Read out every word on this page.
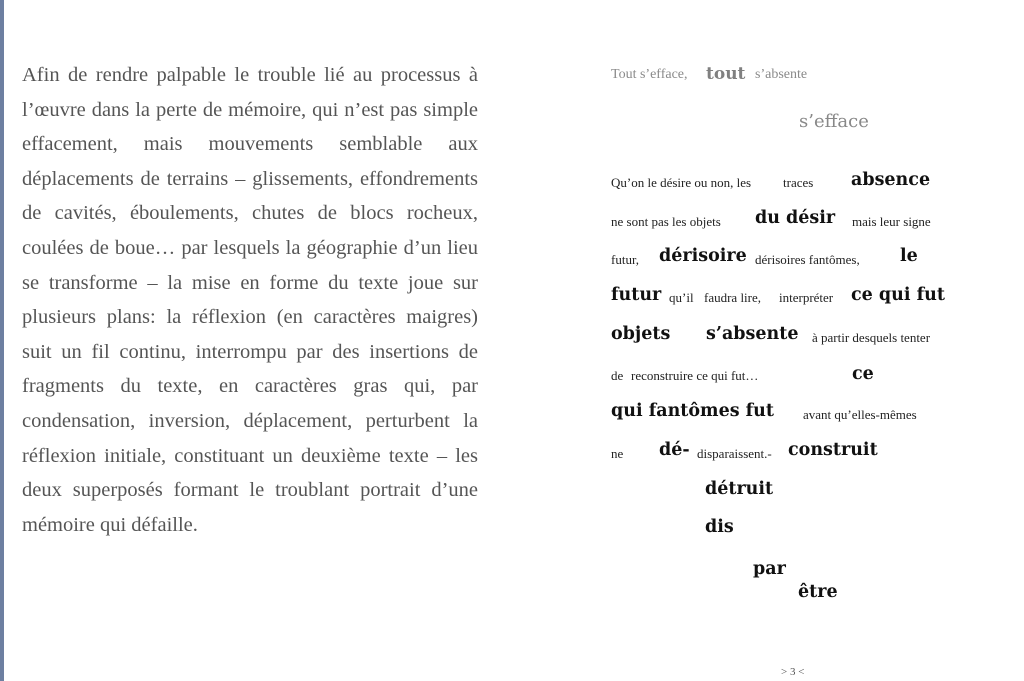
Afin de rendre palpable le trouble lié au processus à l’œuvre dans la perte de mémoire, qui n’est pas simple effacement, mais mouvements semblable aux déplacements de terrains – glissements, effondrements de cavités, éboulements, chutes de blocs rocheux, coulées de boue… par lesquels la géographie d’un lieu se transforme – la mise en forme du texte joue sur plusieurs plans: la réflexion (en caractères maigres) suit un fil continu, interrompu par des insertions de fragments du texte, en caractères gras qui, par condensation, inversion, déplacement, perturbent la réflexion initiale, constituant un deuxième texte – les deux superposés formant le troublant portrait d’une mémoire qui défaille.

Tout s’efface, tout s’absente
s’efface
Qu’on le désire ou non, les traces absence
ne sont pas les objets du désir mais leur signe
futur, dérisoire dérisoires fantômes, le
futur qu’il faudra lire, interpréter ce qui fut
objets s’absente à partir desquels tenter
de reconstruire ce qui fut…	ce
qui fantômes fut avant qu’elles-mêmes
ne dé- disparaissent.- construit
détruit
dis
par
être
> 3 <
